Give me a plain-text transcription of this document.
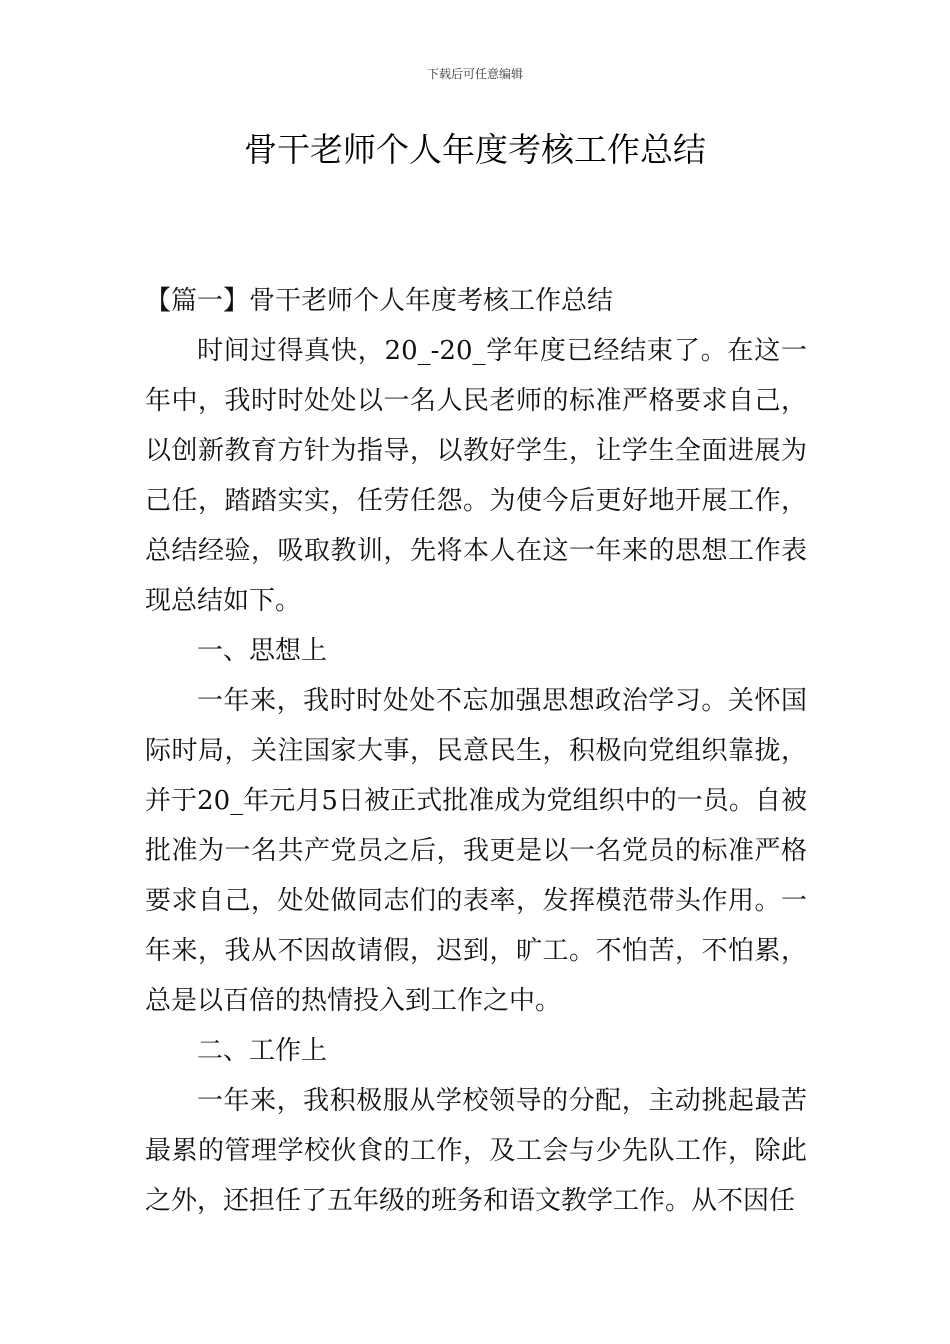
下载后可任意编辑
骨干老师个人年度考核工作总结

【篇一】骨干老师个人年度考核工作总结

时间过得真快，20_-20_学年度已经结束了。在这一年中，我时时处处以一名人民老师的标准严格要求自己，以创新教育方针为指导，以教好学生，让学生全面进展为己任，踏踏实实，任劳任怨。为使今后更好地开展工作，总结经验，吸取教训，先将本人在这一年来的思想工作表现总结如下。

一、思想上

一年来，我时时处处不忘加强思想政治学习。关怀国际时局，关注国家大事，民意民生，积极向党组织靠拢，并于20_年元月5日被正式批准成为党组织中的一员。自被批准为一名共产党员之后，我更是以一名党员的标准严格要求自己，处处做同志们的表率，发挥模范带头作用。一年来，我从不因故请假，迟到，旷工。不怕苦，不怕累，总是以百倍的热情投入到工作之中。

二、工作上

一年来，我积极服从学校领导的分配，主动挑起最苦最累的管理学校伙食的工作，及工会与少先队工作，除此之外，还担任了五年级的班务和语文教学工作。从不因任
